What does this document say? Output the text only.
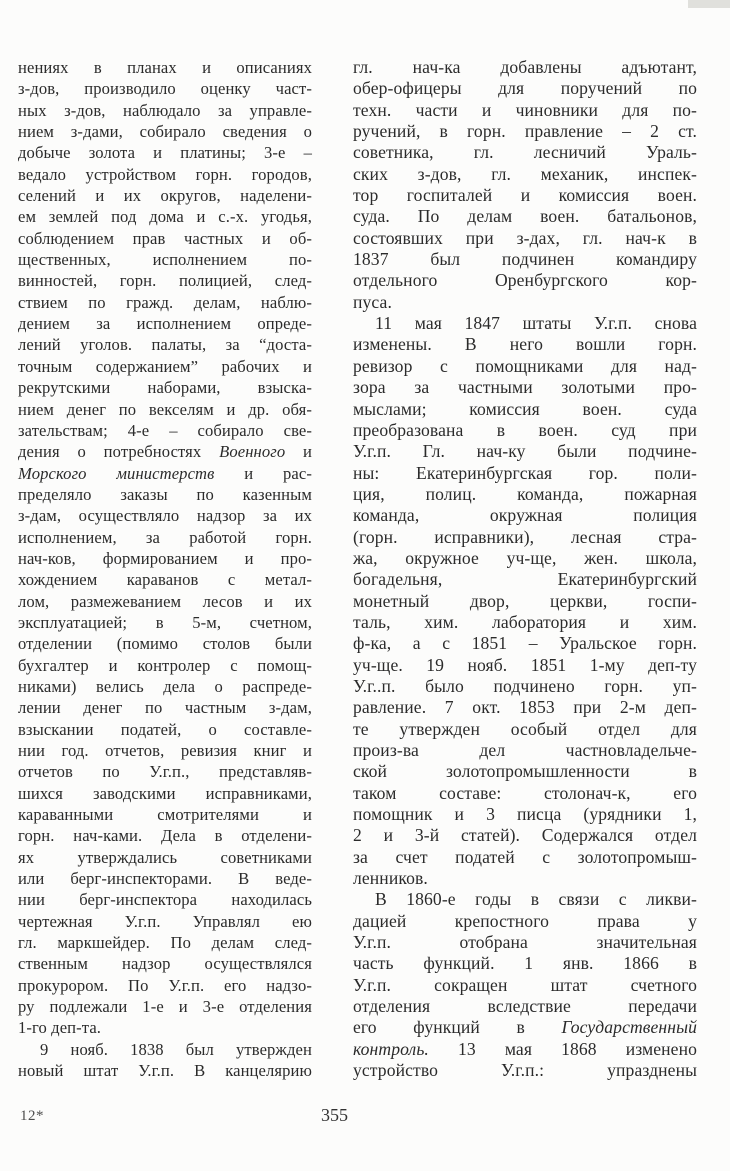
нениях в планах и описаниях
з-дов, производило оценку част-
ных з-дов, наблюдало за управле-
нием з-дами, собирало сведения о
добыче золота и платины; 3-е –
ведало устройством горн. городов,
селений и их округов, наделени-
ем землей под дома и с.-х. угодья,
соблюдением прав частных и об-
щественных, исполнением по-
винностей, горн. полицией, след-
ствием по гражд. делам, наблю-
дением за исполнением опреде-
лений уголов. палаты, за “доста-
точным содержанием” рабочих и
рекрутскими наборами, взыска-
нием денег по векселям и др. обя-
зательствам; 4-е – собирало све-
дения о потребностях Военного и
Морского министерств и рас-
пределяло заказы по казенным
з-дам, осуществляло надзор за их
исполнением, за работой горн.
нач-ков, формированием и про-
хождением караванов с метал-
лом, размежеванием лесов и их
эксплуатацией; в 5-м, счетном,
отделении (помимо столов были
бухгалтер и контролер с помощ-
никами) велись дела о распреде-
лении денег по частным з-дам,
взыскании податей, о составле-
нии год. отчетов, ревизия книг и
отчетов по У.г.п., представляв-
шихся заводскими исправниками,
караванными смотрителями и
горн. нач-ками. Дела в отделени-
ях утверждались советниками
или берг-инспекторами. В веде-
нии берг-инспектора находилась
чертежная У.г.п. Управлял ею
гл. маркшейдер. По делам след-
ственным надзор осуществлялся
прокурором. По У.г.п. его надзо-
ру подлежали 1-е и 3-е отделения
1-го деп-та.
9 нояб. 1838 был утвержден
новый штат У.г.п. В канцелярию
гл. нач-ка добавлены адъютант,
обер-офицеры для поручений по
техн. части и чиновники для по-
ручений, в горн. правление – 2 ст.
советника, гл. лесничий Ураль-
ских з-дов, гл. механик, инспек-
тор госпиталей и комиссия воен.
суда. По делам воен. батальонов,
состоявших при з-дах, гл. нач-к в
1837 был подчинен командиру
отдельного Оренбургского кор-
пуса.
11 мая 1847 штаты У.г.п. снова
изменены. В него вошли горн.
ревизор с помощниками для над-
зора за частными золотыми про-
мыслами; комиссия воен. суда
преобразована в воен. суд при
У.г.п. Гл. нач-ку были подчине-
ны: Екатеринбургская гор. поли-
ция, полиц. команда, пожарная
команда, окружная полиция
(горн. исправники), лесная стра-
жа, окружное уч-ще, жен. школа,
богадельня, Екатеринбургский
монетный двор, церкви, госпи-
таль, хим. лаборатория и хим.
ф-ка, а с 1851 – Уральское горн.
уч-ще. 19 нояб. 1851 1-му деп-ту
У.г..п. было подчинено горн. уп-
равление. 7 окт. 1853 при 2-м деп-
те утвержден особый отдел для
произ-ва дел частновладельче-
ской золотопромышленности в
таком составе: столонач-к, его
помощник и 3 писца (урядники 1,
2 и 3-й статей). Содержался отдел
за счет податей с золотопромыш-
ленников.
В 1860-е годы в связи с ликви-
дацией крепостного права у
У.г.п. отобрана значительная
часть функций. 1 янв. 1866 в
У.г.п. сокращен штат счетного
отделения вследствие передачи
его функций в Государственный
контроль. 13 мая 1868 изменено
устройство У.г.п.: упразднены
12*	355
